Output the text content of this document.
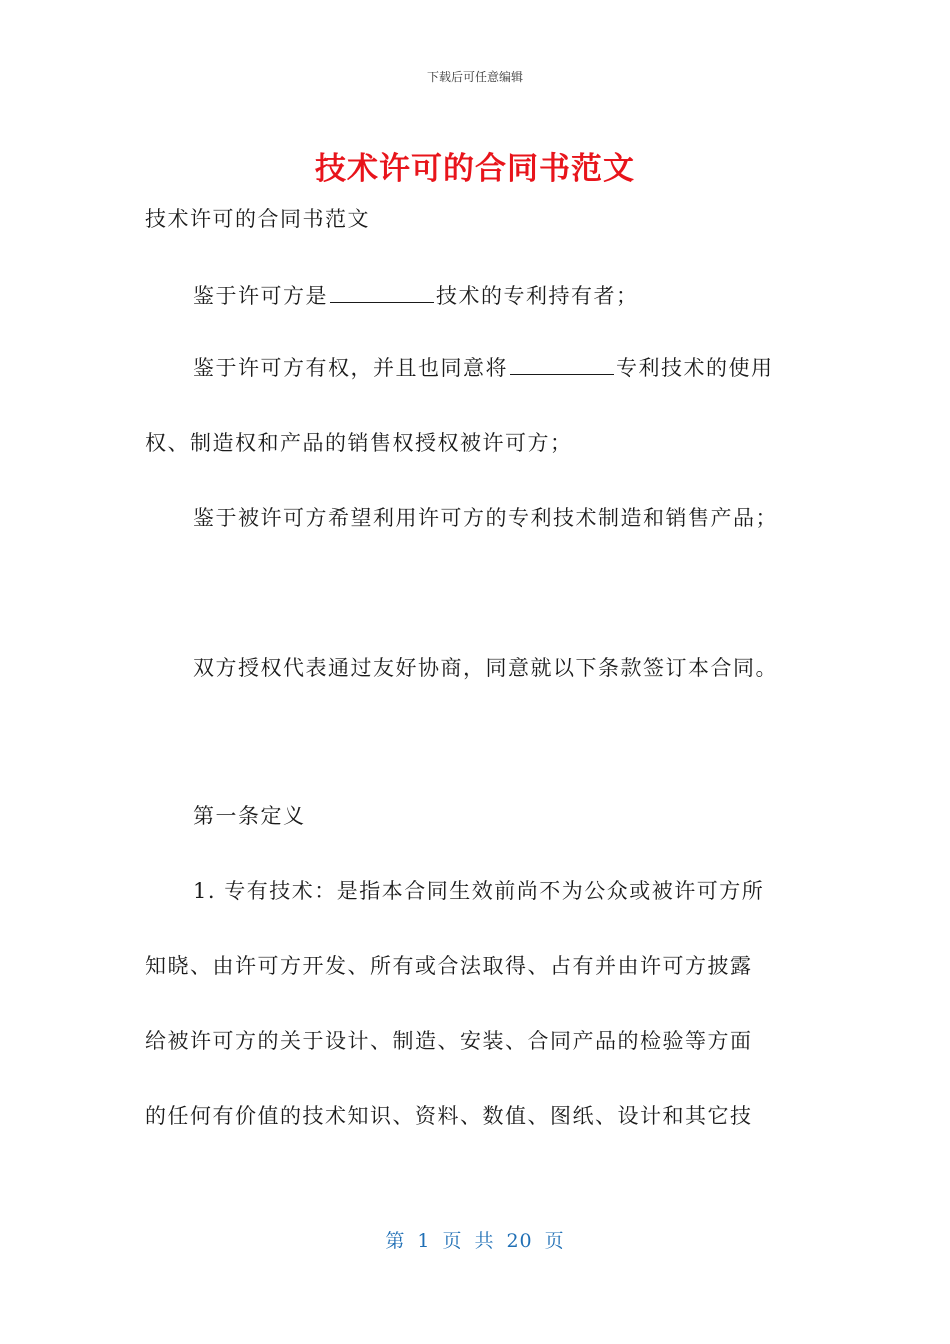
下载后可任意编辑
技术许可的合同书范文
技术许可的合同书范文
鉴于许可方是	技术的专利持有者；
鉴于许可方有权，并且也同意将	专利技术的使用
权、制造权和产品的销售权授权被许可方；
鉴于被许可方希望利用许可方的专利技术制造和销售产品；
双方授权代表通过友好协商，同意就以下条款签订本合同。
第一条定义
1. 专有技术：是指本合同生效前尚不为公众或被许可方所
知晓、由许可方开发、所有或合法取得、占有并由许可方披露
给被许可方的关于设计、制造、安装、合同产品的检验等方面
的任何有价值的技术知识、资料、数值、图纸、设计和其它技
第 1 页 共 20 页
